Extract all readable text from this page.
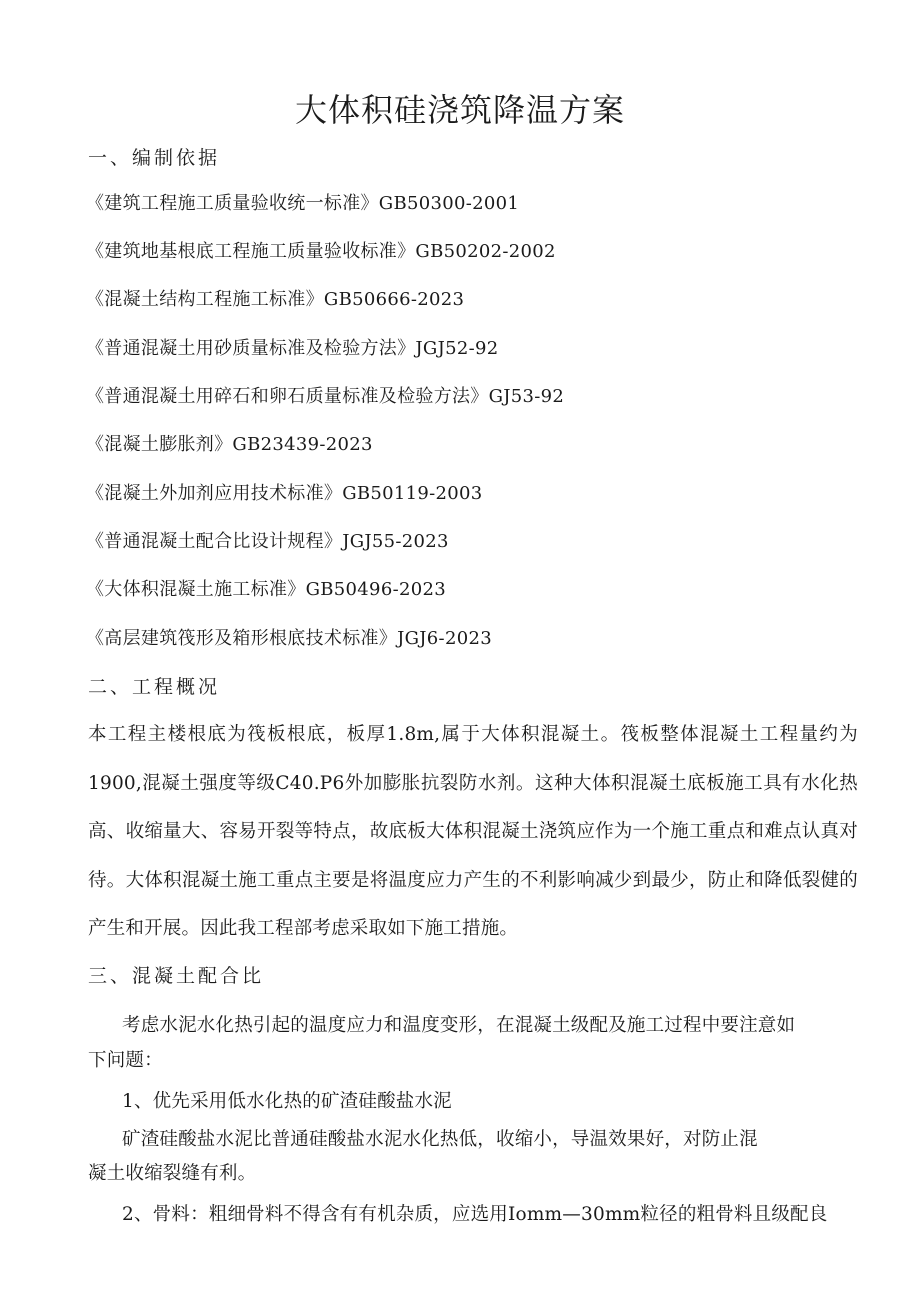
大体积硅浇筑降温方案
一、编制依据
《建筑工程施工质量验收统一标准》GB50300-2001
《建筑地基根底工程施工质量验收标准》GB50202-2002
《混凝土结构工程施工标准》GB50666-2023
《普通混凝土用砂质量标准及检验方法》JGJ52-92
《普通混凝土用碎石和卵石质量标准及检验方法》GJ53-92
《混凝土膨胀剂》GB23439-2023
《混凝土外加剂应用技术标准》GB50119-2003
《普通混凝土配合比设计规程》JGJ55-2023
《大体积混凝土施工标准》GB50496-2023
《高层建筑筏形及箱形根底技术标准》JGJ6-2023
二、工程概况

本工程主楼根底为筏板根底，板厚1.8m,属于大体积混凝土。筏板整体混凝土工程量约为1900,混凝土强度等级C40.P6外加膨胀抗裂防水剂。这种大体积混凝土底板施工具有水化热高、收缩量大、容易开裂等特点，故底板大体积混凝土浇筑应作为一个施工重点和难点认真对待。大体积混凝土施工重点主要是将温度应力产生的不利影响减少到最少，防止和降低裂健的产生和开展。因此我工程部考虑采取如下施工措施。

三、混凝土配合比

考虑水泥水化热引起的温度应力和温度变形，在混凝土级配及施工过程中要注意如

下问题：

1、优先采用低水化热的矿渣硅酸盐水泥

矿渣硅酸盐水泥比普通硅酸盐水泥水化热低，收缩小，导温效果好，对防止混

凝土收缩裂缝有利。

2、骨料：粗细骨料不得含有有机杂质，应选用Iomm—30mm粒径的粗骨料且级配良
